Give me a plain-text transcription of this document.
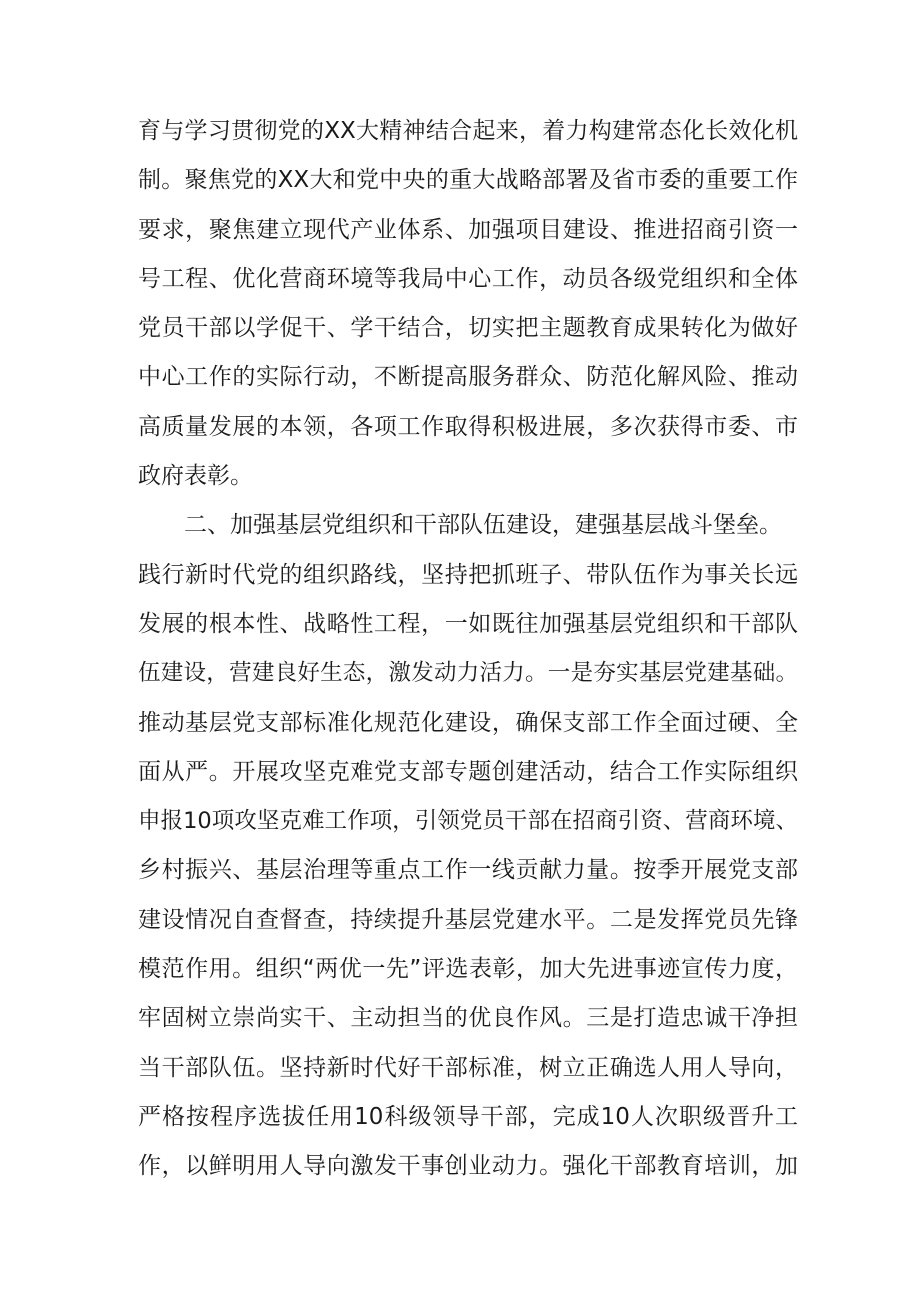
育与学习贯彻党的XX大精神结合起来，着力构建常态化长效化机
制。聚焦党的XX大和党中央的重大战略部署及省市委的重要工作
要求，聚焦建立现代产业体系、加强项目建设、推进招商引资一
号工程、优化营商环境等我局中心工作，动员各级党组织和全体
党员干部以学促干、学干结合，切实把主题教育成果转化为做好
中心工作的实际行动，不断提高服务群众、防范化解风险、推动
高质量发展的本领，各项工作取得积极进展，多次获得市委、市
政府表彰。
二、加强基层党组织和干部队伍建设，建强基层战斗堡垒。
践行新时代党的组织路线，坚持把抓班子、带队伍作为事关长远
发展的根本性、战略性工程，一如既往加强基层党组织和干部队
伍建设，营建良好生态，激发动力活力。一是夯实基层党建基础。
推动基层党支部标准化规范化建设，确保支部工作全面过硬、全
面从严。开展攻坚克难党支部专题创建活动，结合工作实际组织
申报10项攻坚克难工作项，引领党员干部在招商引资、营商环境、
乡村振兴、基层治理等重点工作一线贡献力量。按季开展党支部
建设情况自查督查，持续提升基层党建水平。二是发挥党员先锋
模范作用。组织“两优一先”评选表彰，加大先进事迹宣传力度，
牢固树立崇尚实干、主动担当的优良作风。三是打造忠诚干净担
当干部队伍。坚持新时代好干部标准，树立正确选人用人导向，
严格按程序选拔任用10科级领导干部，完成10人次职级晋升工
作，以鲜明用人导向激发干事创业动力。强化干部教育培训，加
